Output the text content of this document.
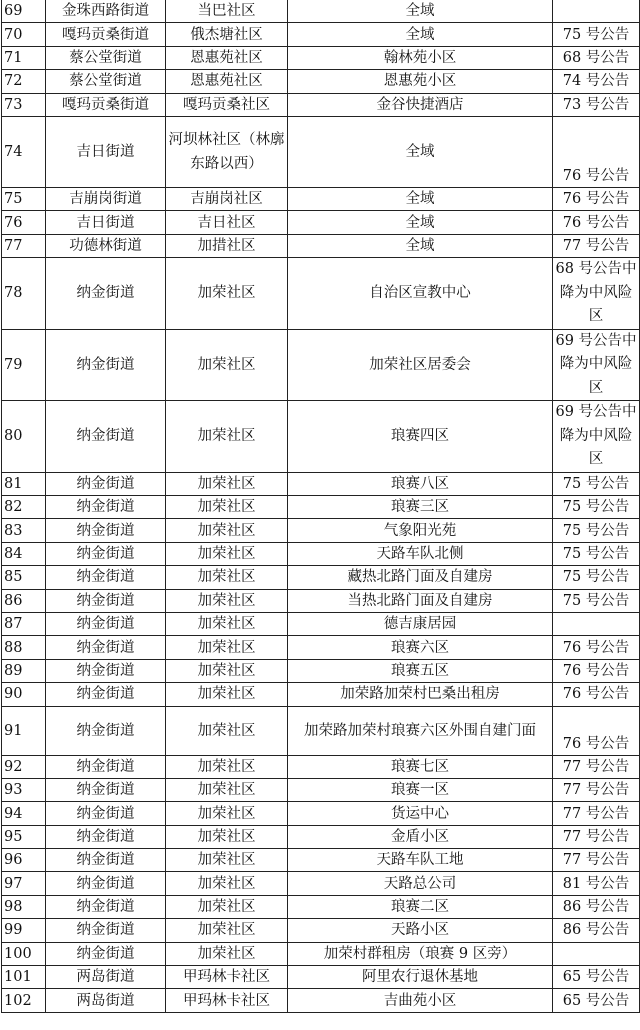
69	金珠西路街道	当巴社区	全域	
70	嘎玛贡桑街道	俄杰塘社区	全域	75 号公告
71	蔡公堂街道	恩惠苑社区	翰林苑小区	68 号公告
72	蔡公堂街道	恩惠苑社区	恩惠苑小区	74 号公告
73	嘎玛贡桑街道	嘎玛贡桑社区	金谷快捷酒店	73 号公告
74	吉日街道	河坝林社区（林廓东路以西）	全域	76 号公告
75	吉崩岗街道	吉崩岗社区	全域	76 号公告
76	吉日街道	吉日社区	全域	76 号公告
77	功德林街道	加措社区	全域	77 号公告
78	纳金街道	加荣社区	自治区宣教中心	68 号公告中降为中风险区
79	纳金街道	加荣社区	加荣社区居委会	69 号公告中降为中风险区
80	纳金街道	加荣社区	琅赛四区	69 号公告中降为中风险区
81	纳金街道	加荣社区	琅赛八区	75 号公告
82	纳金街道	加荣社区	琅赛三区	75 号公告
83	纳金街道	加荣社区	气象阳光苑	75 号公告
84	纳金街道	加荣社区	天路车队北侧	75 号公告
85	纳金街道	加荣社区	藏热北路门面及自建房	75 号公告
86	纳金街道	加荣社区	当热北路门面及自建房	75 号公告
87	纳金街道	加荣社区	德吉康居园	
88	纳金街道	加荣社区	琅赛六区	76 号公告
89	纳金街道	加荣社区	琅赛五区	76 号公告
90	纳金街道	加荣社区	加荣路加荣村巴桑出租房	76 号公告
91	纳金街道	加荣社区	加荣路加荣村琅赛六区外围自建门面	76 号公告
92	纳金街道	加荣社区	琅赛七区	77 号公告
93	纳金街道	加荣社区	琅赛一区	77 号公告
94	纳金街道	加荣社区	货运中心	77 号公告
95	纳金街道	加荣社区	金盾小区	77 号公告
96	纳金街道	加荣社区	天路车队工地	77 号公告
97	纳金街道	加荣社区	天路总公司	81 号公告
98	纳金街道	加荣社区	琅赛二区	86 号公告
99	纳金街道	加荣社区	天路小区	86 号公告
100	纳金街道	加荣社区	加荣村群租房（琅赛 9 区旁）	
101	两岛街道	甲玛林卡社区	阿里农行退休基地	65 号公告
102	两岛街道	甲玛林卡社区	吉曲苑小区	65 号公告
